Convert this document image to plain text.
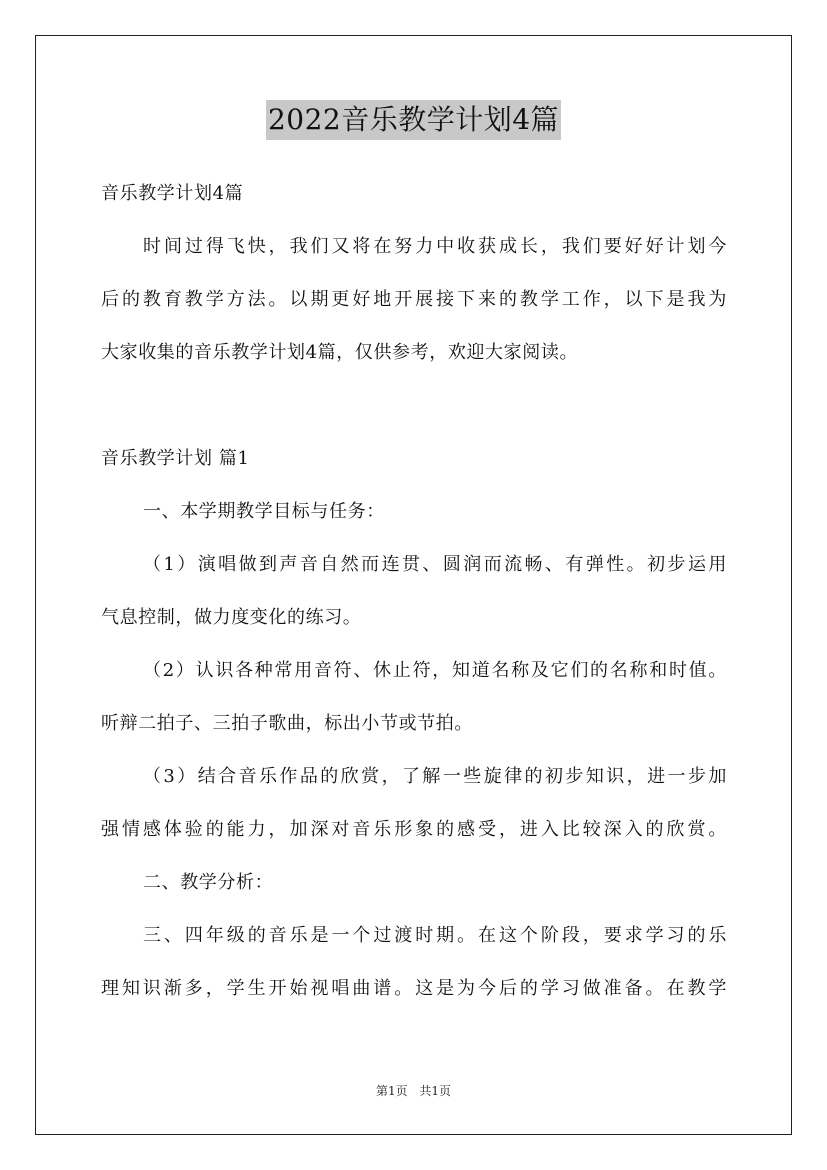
2022音乐教学计划4篇
音乐教学计划4篇
时间过得飞快，我们又将在努力中收获成长，我们要好好计划今
后的教育教学方法。以期更好地开展接下来的教学工作，以下是我为
大家收集的音乐教学计划4篇，仅供参考，欢迎大家阅读。
音乐教学计划 篇1
一、本学期教学目标与任务：
（1）演唱做到声音自然而连贯、圆润而流畅、有弹性。初步运用
气息控制，做力度变化的练习。
（2）认识各种常用音符、休止符，知道名称及它们的名称和时值。
听辩二拍子、三拍子歌曲，标出小节或节拍。
（3）结合音乐作品的欣赏，了解一些旋律的初步知识，进一步加
强情感体验的能力，加深对音乐形象的感受，进入比较深入的欣赏。
二、教学分析：
三、四年级的音乐是一个过渡时期。在这个阶段，要求学习的乐
理知识渐多，学生开始视唱曲谱。这是为今后的学习做准备。在教学
第1页 共1页
